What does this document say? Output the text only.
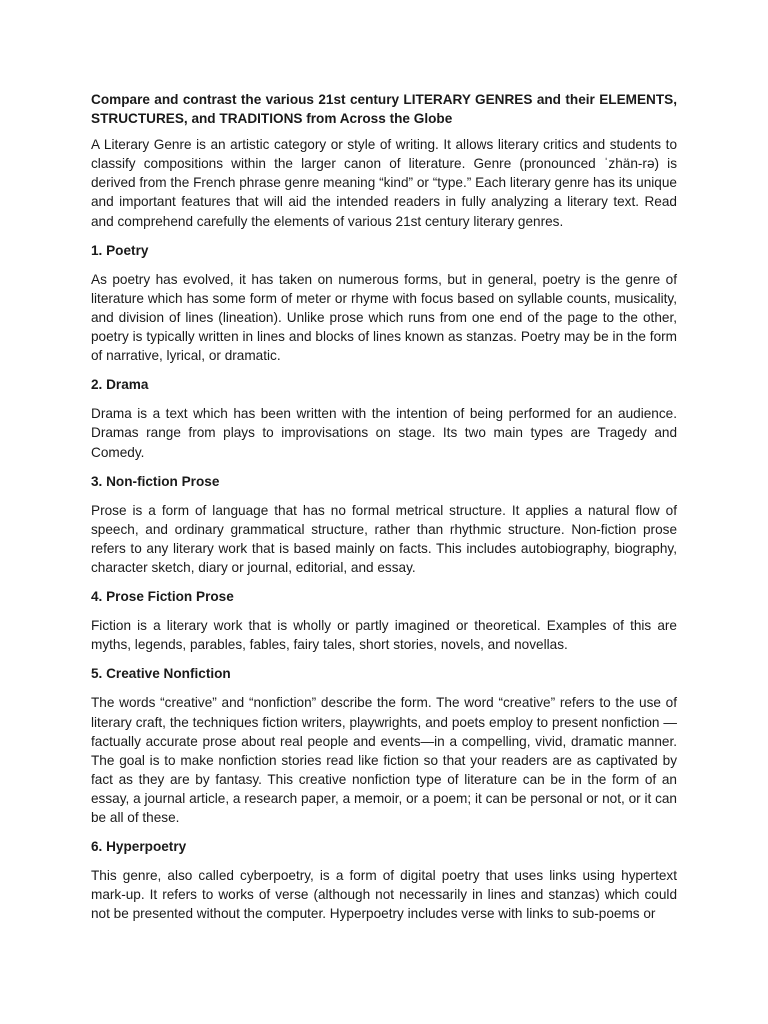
Compare and contrast the various 21st century LITERARY GENRES and their ELEMENTS, STRUCTURES, and TRADITIONS from Across the Globe

A Literary Genre is an artistic category or style of writing. It allows literary critics and students to classify compositions within the larger canon of literature. Genre (pronounced ˈzhän-rə) is derived from the French phrase genre meaning “kind” or “type.” Each literary genre has its unique and important features that will aid the intended readers in fully analyzing a literary text. Read and comprehend carefully the elements of various 21st century literary genres.

1. Poetry

As poetry has evolved, it has taken on numerous forms, but in general, poetry is the genre of literature which has some form of meter or rhyme with focus based on syllable counts, musicality, and division of lines (lineation). Unlike prose which runs from one end of the page to the other, poetry is typically written in lines and blocks of lines known as stanzas. Poetry may be in the form of narrative, lyrical, or dramatic.

2. Drama

Drama is a text which has been written with the intention of being performed for an audience. Dramas range from plays to improvisations on stage. Its two main types are Tragedy and Comedy.

3. Non-fiction Prose

Prose is a form of language that has no formal metrical structure. It applies a natural flow of speech, and ordinary grammatical structure, rather than rhythmic structure. Non-fiction prose refers to any literary work that is based mainly on facts. This includes autobiography, biography, character sketch, diary or journal, editorial, and essay.

4. Prose Fiction Prose

Fiction is a literary work that is wholly or partly imagined or theoretical. Examples of this are myths, legends, parables, fables, fairy tales, short stories, novels, and novellas.

5. Creative Nonfiction

The words “creative” and “nonfiction” describe the form. The word “creative” refers to the use of literary craft, the techniques fiction writers, playwrights, and poets employ to present nonfiction —factually accurate prose about real people and events—in a compelling, vivid, dramatic manner. The goal is to make nonfiction stories read like fiction so that your readers are as captivated by fact as they are by fantasy. This creative nonfiction type of literature can be in the form of an essay, a journal article, a research paper, a memoir, or a poem; it can be personal or not, or it can be all of these.

6. Hyperpoetry

This genre, also called cyberpoetry, is a form of digital poetry that uses links using hypertext mark-up. It refers to works of verse (although not necessarily in lines and stanzas) which could not be presented without the computer. Hyperpoetry includes verse with links to sub-poems or
